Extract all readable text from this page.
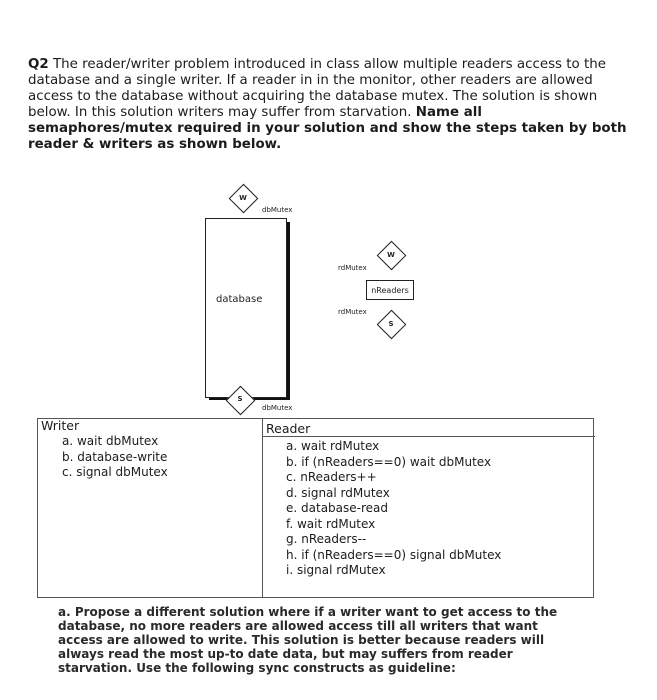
Q2 The reader/writer problem introduced in class allow multiple readers access to the database and a single writer. If a reader in in the monitor, other readers are allowed access to the database without acquiring the database mutex. The solution is shown below. In this solution writers may suffer from starvation. Name all semaphores/mutex required in your solution and show the steps taken by both reader & writers as shown below.
W
dbMutex
database
S
dbMutex
rdMutex
W
nReaders
rdMutex
S
Writer
a. wait dbMutex
b. database-write
c. signal dbMutex
Reader
a. wait rdMutex
b. if (nReaders==0) wait dbMutex
c. nReaders++
d. signal rdMutex
e. database-read
f. wait rdMutex
g. nReaders--
h. if (nReaders==0) signal dbMutex
i. signal rdMutex
a. Propose a different solution where if a writer want to get access to the database, no more readers are allowed access till all writers that want access are allowed to write. This solution is better because readers will always read the most up-to date data, but may suffers from reader starvation. Use the following sync constructs as guideline:
